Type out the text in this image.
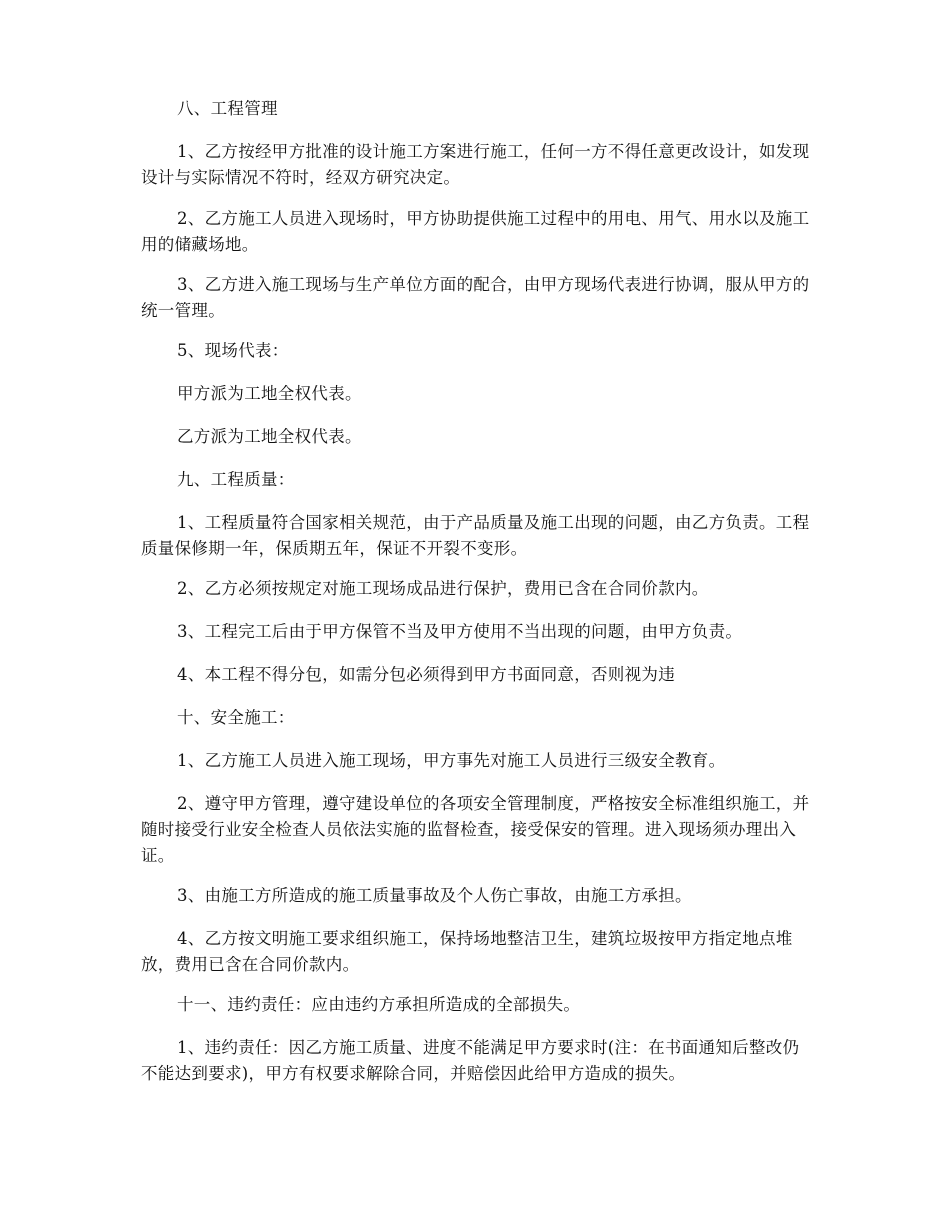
八、工程管理

1、乙方按经甲方批准的设计施工方案进行施工，任何一方不得任意更改设计，如发现设计与实际情况不符时，经双方研究决定。

2、乙方施工人员进入现场时，甲方协助提供施工过程中的用电、用气、用水以及施工用的储藏场地。

3、乙方进入施工现场与生产单位方面的配合，由甲方现场代表进行协调，服从甲方的统一管理。

5、现场代表：

甲方派为工地全权代表。

乙方派为工地全权代表。

九、工程质量：

1、工程质量符合国家相关规范，由于产品质量及施工出现的问题，由乙方负责。工程质量保修期一年，保质期五年，保证不开裂不变形。

2、乙方必须按规定对施工现场成品进行保护，费用已含在合同价款内。

3、工程完工后由于甲方保管不当及甲方使用不当出现的问题，由甲方负责。

4、本工程不得分包，如需分包必须得到甲方书面同意，否则视为违

十、安全施工：

1、乙方施工人员进入施工现场，甲方事先对施工人员进行三级安全教育。

2、遵守甲方管理，遵守建设单位的各项安全管理制度，严格按安全标准组织施工，并随时接受行业安全检查人员依法实施的监督检查，接受保安的管理。进入现场须办理出入证。

3、由施工方所造成的施工质量事故及个人伤亡事故，由施工方承担。

4、乙方按文明施工要求组织施工，保持场地整洁卫生，建筑垃圾按甲方指定地点堆放，费用已含在合同价款内。

十一、违约责任：应由违约方承担所造成的全部损失。

1、违约责任：因乙方施工质量、进度不能满足甲方要求时(注：在书面通知后整改仍不能达到要求)，甲方有权要求解除合同，并赔偿因此给甲方造成的损失。
